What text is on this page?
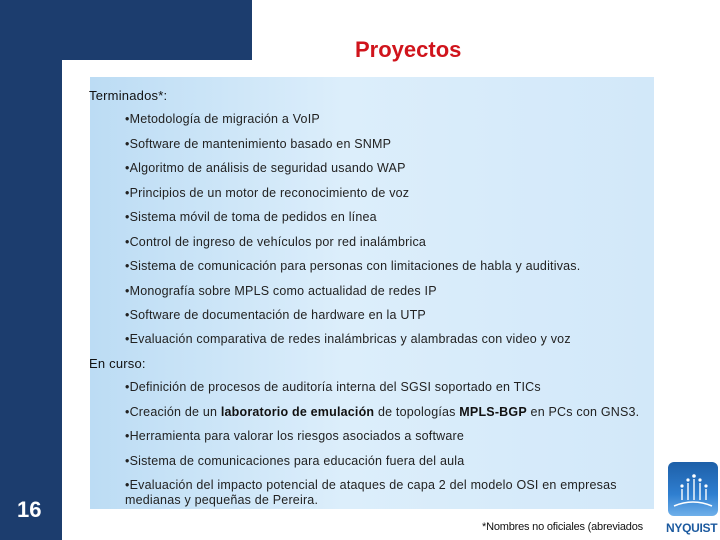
Proyectos
Terminados*:
•Metodología de migración a VoIP
•Software de mantenimiento basado en SNMP
•Algoritmo de análisis de seguridad usando WAP
•Principios de un motor de reconocimiento de voz
•Sistema móvil de toma de pedidos en línea
•Control de ingreso de vehículos por red inalámbrica
•Sistema de comunicación para personas con limitaciones de habla y auditivas.
•Monografía sobre MPLS como actualidad de redes IP
•Software de documentación de hardware en la UTP
•Evaluación comparativa de redes inalámbricas y alambradas con video y voz
En curso:
•Definición de procesos de auditoría interna del SGSI soportado en TICs
•Creación de un laboratorio de emulación de topologías MPLS-BGP en PCs con GNS3.
•Herramienta para valorar los riesgos asociados a software
•Sistema de comunicaciones para educación fuera del aula
•Evaluación del impacto potencial de ataques de capa 2 del modelo OSI en empresas medianas y pequeñas de Pereira.
16
*Nombres no oficiales (abreviados NYQUIST
